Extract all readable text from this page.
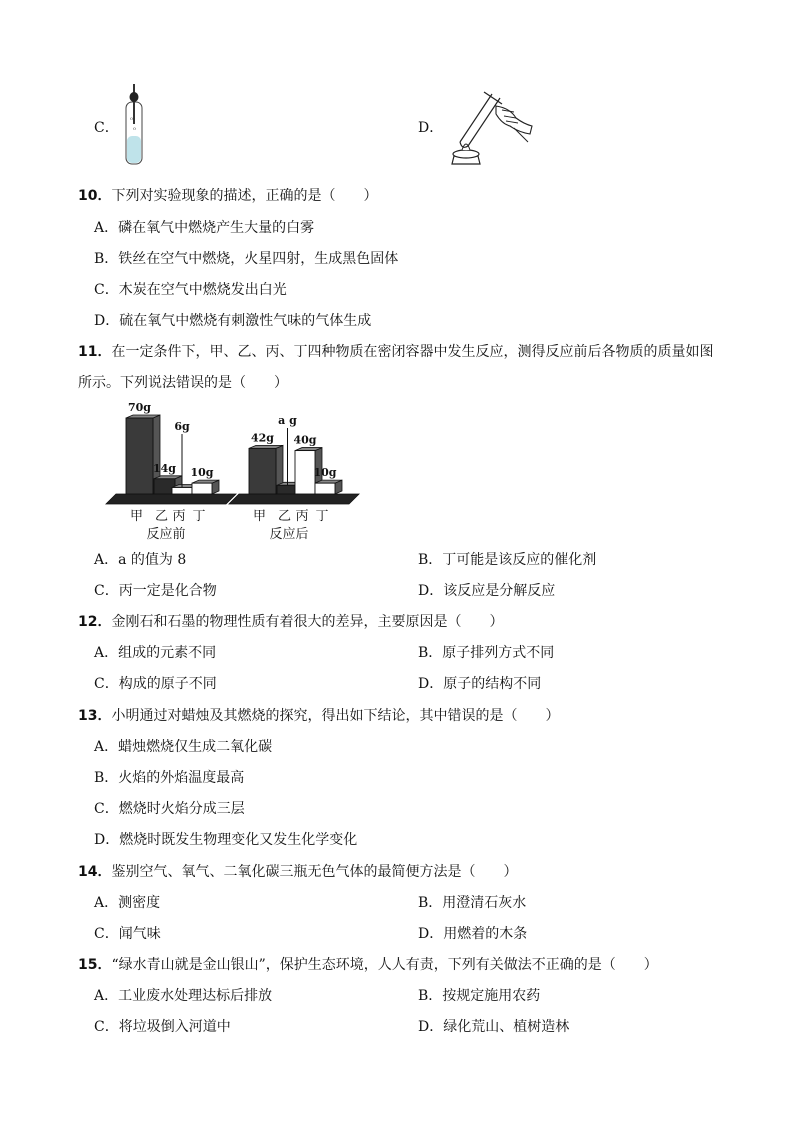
C．
o
o	D．
10．下列对实验现象的描述，正确的是（　　）
A．磷在氧气中燃烧产生大量的白雾
B．铁丝在空气中燃烧，火星四射，生成黑色固体
C．木炭在空气中燃烧发出白光
D．硫在氧气中燃烧有刺激性气味的气体生成
11．在一定条件下，甲、乙、丙、丁四种物质在密闭容器中发生反应，测得反应前后各物质的质量如图
所示。下列说法错误的是（　　）
70g
14g
6g
10g
甲 乙 丙 丁
反应前
42g
a g
40g
10g
甲 乙 丙 丁
反应后
A．a 的值为 8	B．丁可能是该反应的催化剂
C．丙一定是化合物	D．该反应是分解反应
12．金刚石和石墨的物理性质有着很大的差异，主要原因是（　　）
A．组成的元素不同	B．原子排列方式不同
C．构成的原子不同	D．原子的结构不同
13．小明通过对蜡烛及其燃烧的探究，得出如下结论，其中错误的是（　　）
A．蜡烛燃烧仅生成二氧化碳
B．火焰的外焰温度最高
C．燃烧时火焰分成三层
D．燃烧时既发生物理变化又发生化学变化
14．鉴别空气、氧气、二氧化碳三瓶无色气体的最简便方法是（　　）
A．测密度	B．用澄清石灰水
C．闻气味	D．用燃着的木条
15．“绿水青山就是金山银山”，保护生态环境，人人有责，下列有关做法不正确的是（　　）
A．工业废水处理达标后排放	B．按规定施用农药
C．将垃圾倒入河道中	D．绿化荒山、植树造林
